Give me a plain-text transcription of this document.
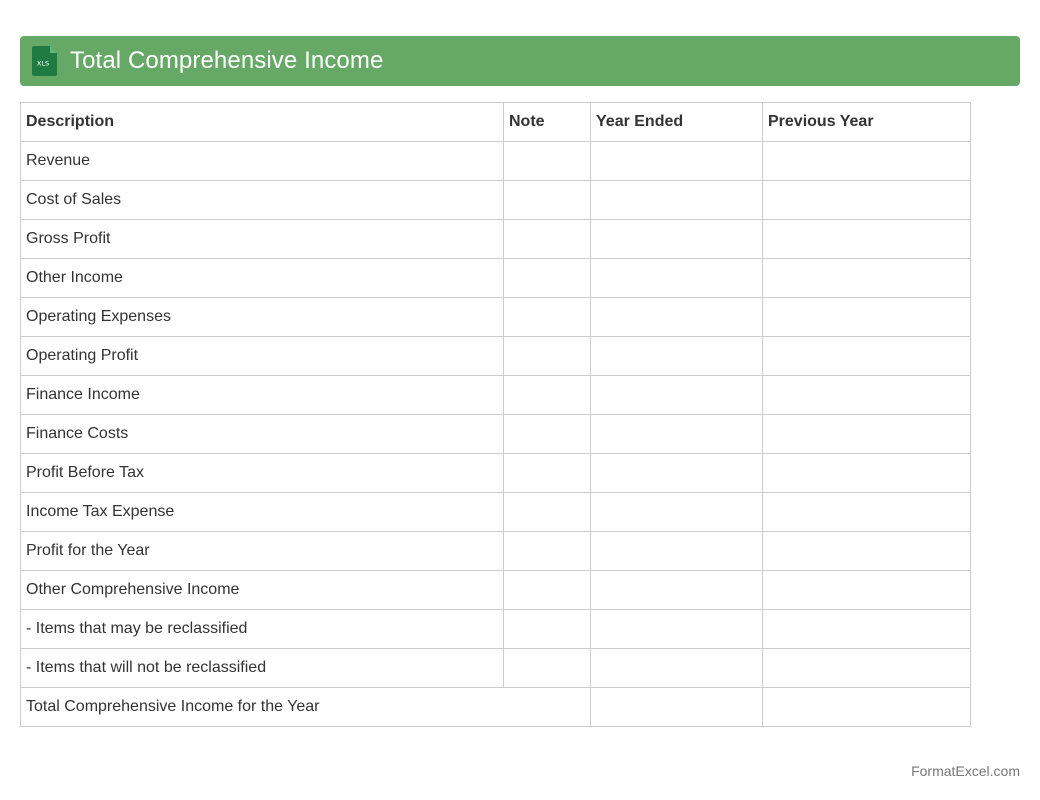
XLS Total Comprehensive Income
Description	Note	Year Ended	Previous Year
Revenue			
Cost of Sales			
Gross Profit			
Other Income			
Operating Expenses			
Operating Profit			
Finance Income			
Finance Costs			
Profit Before Tax			
Income Tax Expense			
Profit for the Year			
Other Comprehensive Income			
- Items that may be reclassified			
- Items that will not be reclassified			
Total Comprehensive Income for the Year			
FormatExcel.com
